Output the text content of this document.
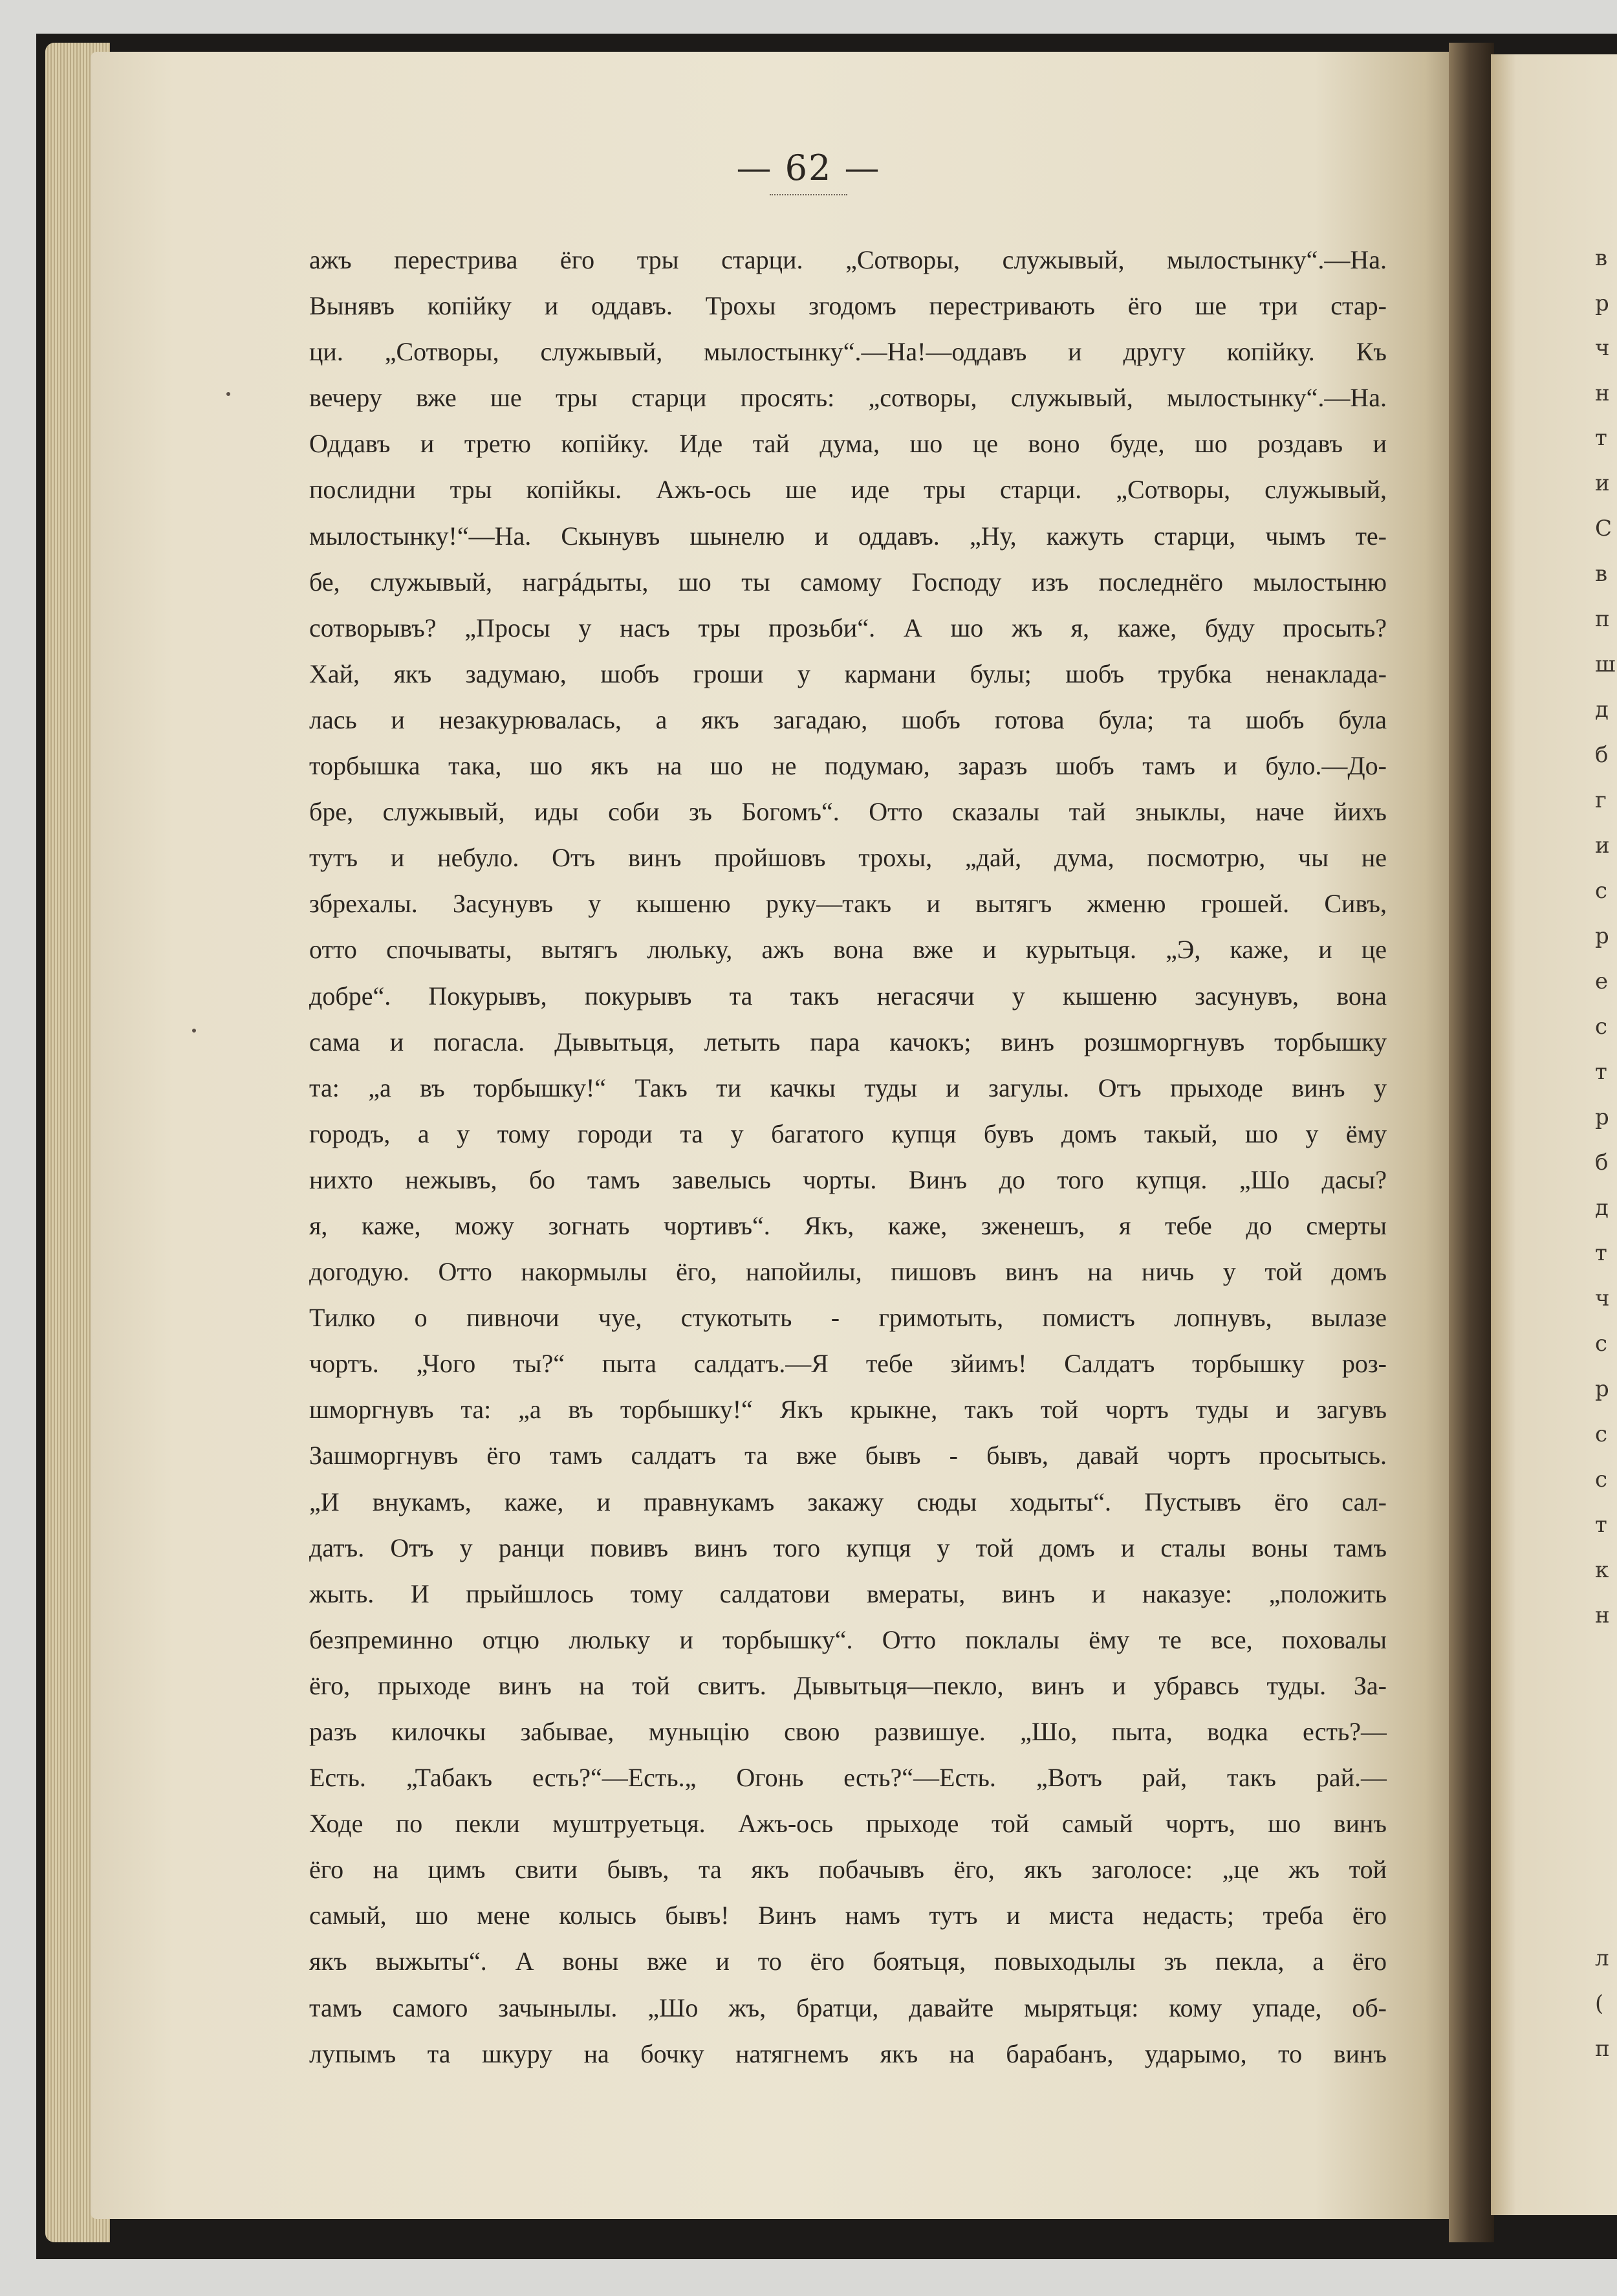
в
р
ч
н
т
и
С
в
п
ш
д
б
г
и
с
р
е
с
т
р
б
д
т
ч
с
р
с
с
т
к
н
л
(
п
— 62 —
ажъ перестрива ёго тры старци. „Сотворы, служывый, мылостынку“.—На.
Вынявъ копійку и оддавъ. Трохы згодомъ перестривають ёго ше три стар-
ци. „Сотворы, служывый, мылостынку“.—На!—оддавъ и другу копійку. Къ
вечеру вже ше тры старци просять: „сотворы, служывый, мылостынку“.—На.
Оддавъ и третю копійку. Иде тай дума, шо це воно буде, шо роздавъ и
послидни тры копійкы. Ажъ-ось ше иде тры старци. „Сотворы, служывый,
мылостынку!“—На. Скынувъ шынелю и оддавъ. „Ну, кажуть старци, чымъ те-
бе, служывый, нагрáдыты, шо ты самому Господу изъ последнёго мылостыню
сотворывъ? „Просы у насъ тры прозьби“. А шо жъ я, каже, буду просыть?
Хай, якъ задумаю, шобъ гроши у кармани булы; шобъ трубка ненаклада-
лась и незакурювалась, а якъ загадаю, шобъ готова була; та шобъ була
торбышка така, шо якъ на шо не подумаю, заразъ шобъ тамъ и було.—До-
бре, служывый, иды соби зъ Богомъ“. Отто сказалы тай зныклы, наче йихъ
тутъ и небуло. Отъ винъ пройшовъ трохы, „дай, дума, посмотрю, чы не
збрехалы. Засунувъ у кышеню руку—такъ и вытягъ жменю грошей. Сивъ,
отто спочываты, вытягъ люльку, ажъ вона вже и курытьця. „Э, каже, и це
добре“. Покурывъ, покурывъ та такъ негасячи у кышеню засунувъ, вона
сама и погасла. Дывытьця, летыть пара качокъ; винъ розшморгнувъ торбышку
та: „а въ торбышку!“ Такъ ти качкы туды и загулы. Отъ прыходе винъ у
городъ, а у тому городи та у багатого купця бувъ домъ такый, шо у ёму
нихто нежывъ, бо тамъ завелысь чорты. Винъ до того купця. „Шо дасы?
я, каже, можу зогнать чортивъ“. Якъ, каже, зженешъ, я тебе до смерты
догодую. Отто накормылы ёго, напойилы, пишовъ винъ на ничь у той домъ
Тилко о пивночи чуе, стукотыть - гримотыть, помистъ лопнувъ, вылазе
чортъ. „Чого ты?“ пыта салдатъ.—Я тебе зйимъ! Салдатъ торбышку роз-
шморгнувъ та: „а въ торбышку!“ Якъ крыкне, такъ той чортъ туды и загувъ
Зашморгнувъ ёго тамъ салдатъ та вже бывъ - бывъ, давай чортъ просытысь.
„И внукамъ, каже, и правнукамъ закажу сюды ходыты“. Пустывъ ёго сал-
датъ. Отъ у ранци повивъ винъ того купця у той домъ и сталы воны тамъ
жыть. И прыйшлось тому салдатови вмераты, винъ и наказуе: „положить
безпреминно отцю люльку и торбышку“. Отто поклалы ёму те все, поховалы
ёго, прыходе винъ на той свитъ. Дывытьця—пекло, винъ и убравсь туды. За-
разъ килочкы забывае, муныцію свою развишуе. „Шо, пыта, водка есть?—
Есть. „Табакъ есть?“—Есть.„ Огонь есть?“—Есть. „Вотъ рай, такъ рай.—
Ходе по пекли муштруетьця. Ажъ-ось прыходе той самый чортъ, шо винъ
ёго на цимъ свити бывъ, та якъ побачывъ ёго, якъ заголосе: „це жъ той
самый, шо мене колысь бывъ! Винъ намъ тутъ и миста недасть; треба ёго
якъ выжыты“. А воны вже и то ёго боятьця, повыходылы зъ пекла, а ёго
тамъ самого зачынылы. „Шо жъ, братци, давайте мырятьця: кому упаде, об-
лупымъ та шкуру на бочку натягнемъ якъ на барабанъ, ударымо, то винъ
